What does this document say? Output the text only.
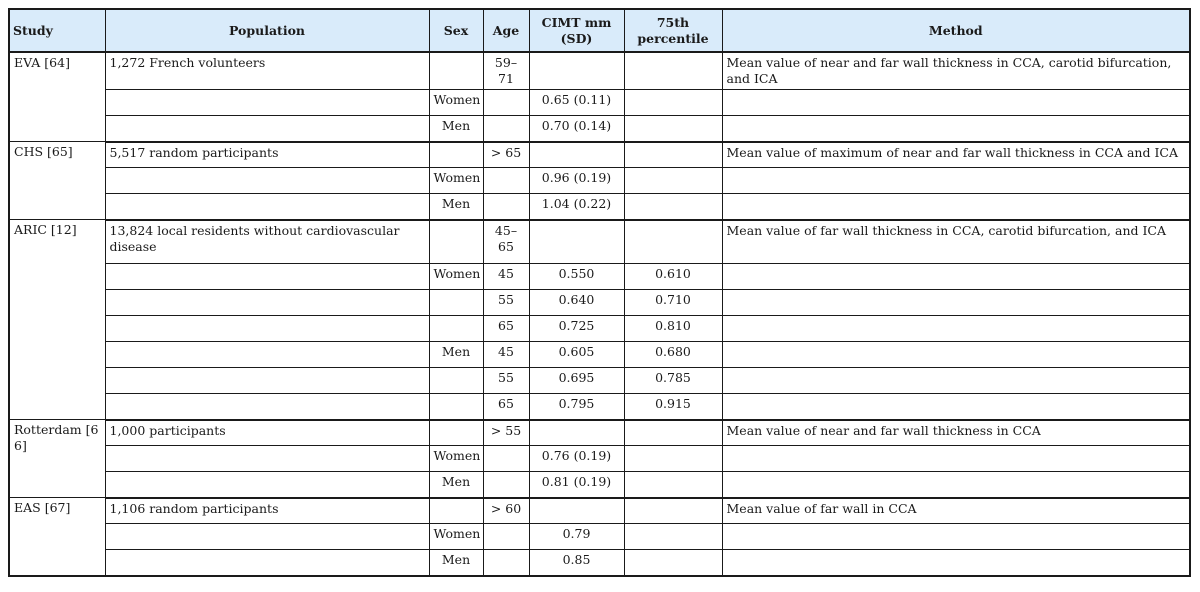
Study	Population	Sex	Age	CIMT mm (SD)	75th percentile	Method
EVA [64]	1,272 French volunteers		59–71			Mean value of near and far wall thickness in CCA, carotid bifurcation, and ICA
		Women		0.65 (0.11)		
		Men		0.70 (0.14)		
CHS [65]	5,517 random participants		> 65			Mean value of maximum of near and far wall thickness in CCA and ICA
		Women		0.96 (0.19)		
		Men		1.04 (0.22)		
ARIC [12]	13,824 local residents without cardiovascular disease		45–65			Mean value of far wall thickness in CCA, carotid bifurcation, and ICA
		Women	45	0.550	0.610	
			55	0.640	0.710	
			65	0.725	0.810	
		Men	45	0.605	0.680	
			55	0.695	0.785	
			65	0.795	0.915	
Rotterdam [66]	1,000 participants		> 55			Mean value of near and far wall thickness in CCA
		Women		0.76 (0.19)		
		Men		0.81 (0.19)		
EAS [67]	1,106 random participants		> 60			Mean value of far wall in CCA
		Women		0.79		
		Men		0.85		
